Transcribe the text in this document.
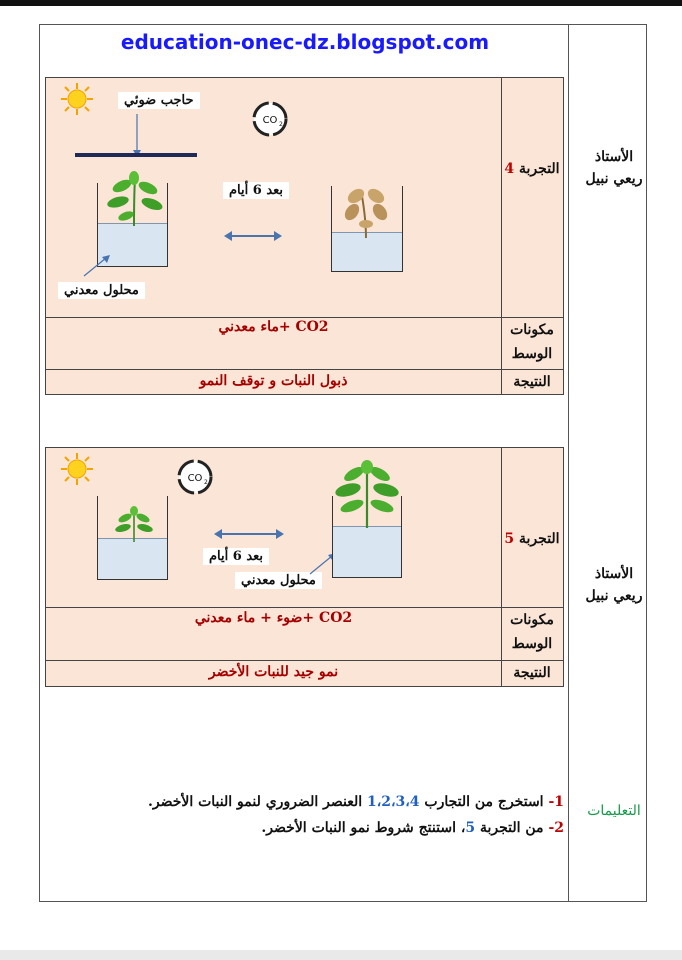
education-onec-dz.blogspot.com
الأستاذ
ريعي نبيل
الأستاذ
ريعي نبيل
التعليمات
التجربة 4
حاجب ضوئي
CO 2
بعد 6 أيام
محلول معدني
مكونات الوسط
CO2 +ماء معدني
النتيجة
ذبول النبات و توقف النمو
التجربة 5
CO 2
بعد 6 أيام
محلول معدني
مكونات الوسط
CO2 +ضوء + ماء معدني
النتيجة
نمو جيد للنبات الأخضر
1- استخرج من التجارب 1،2،3،4 العنصر الضروري لنمو النبات الأخضر.
2- من التجربة 5، استنتج شروط نمو النبات الأخضر.
